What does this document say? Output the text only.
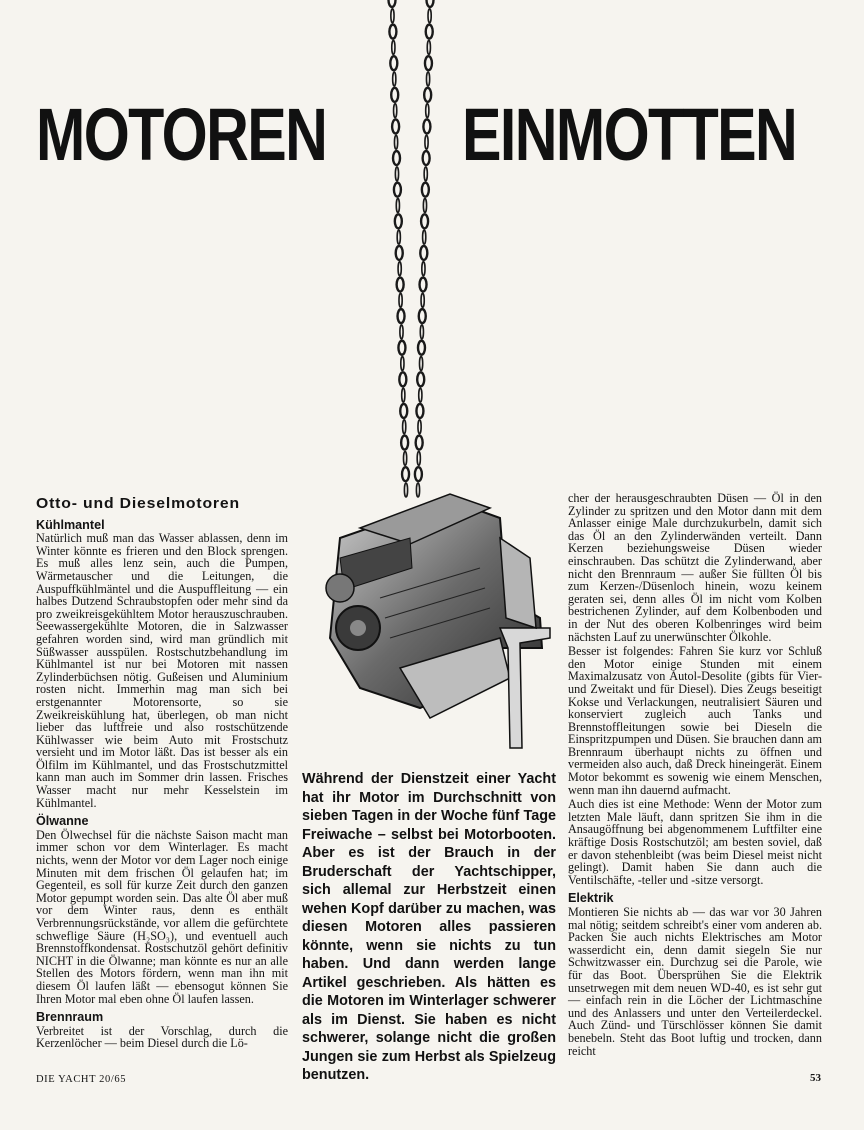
MOTOREN EINMOTTEN
Otto- und Dieselmotoren
Kühlmantel
Natürlich muß man das Wasser ablassen, denn im Winter könnte es frieren und den Block sprengen. Es muß alles lenz sein, auch die Pumpen, Wärmetauscher und die Leitungen, die Auspuffkühlmäntel und die Auspuffleitung — ein halbes Dutzend Schraubstopfen oder mehr sind da pro zweikreisgekühltem Motor herauszuschrauben. Seewassergekühlte Motoren, die in Salzwasser gefahren worden sind, wird man gründlich mit Süßwasser ausspülen. Rostschutzbehandlung im Kühlmantel ist nur bei Motoren mit nassen Zylinderbüchsen nötig. Gußeisen und Aluminium rosten nicht. Immerhin mag man sich bei erstgenannter Motorensorte, so sie Zweikreiskühlung hat, überlegen, ob man nicht lieber das luftfreie und also rostschützende Kühlwasser wie beim Auto mit Frostschutz versieht und im Motor läßt. Das ist besser als ein Ölfilm im Kühlmantel, und das Frostschutzmittel kann man auch im Sommer drin lassen. Frisches Wasser macht nur mehr Kesselstein im Kühlmantel.
Ölwanne
Den Ölwechsel für die nächste Saison macht man immer schon vor dem Winterlager. Es macht nichts, wenn der Motor vor dem Lager noch einige Minuten mit dem frischen Öl gelaufen hat; im Gegenteil, es soll für kurze Zeit durch den ganzen Motor gepumpt worden sein. Das alte Öl aber muß vor dem Winter raus, denn es enthält Verbrennungsrückstände, vor allem die gefürchtete schweflige Säure (H₂SO₃), und eventuell auch Brennstoffkondensat. Rostschutzöl gehört definitiv NICHT in die Ölwanne; man könnte es nur an alle Stellen des Motors fördern, wenn man ihn mit diesem Öl laufen läßt — ebensogut können Sie Ihren Motor mal eben ohne Öl laufen lassen.
Brennraum
Verbreitet ist der Vorschlag, durch die Kerzenlöcher — beim Diesel durch die Lö-
Während der Dienstzeit einer Yacht hat ihr Motor im Durchschnitt von sieben Tagen in der Woche fünf Tage Freiwache – selbst bei Motorbooten. Aber es ist der Brauch in der Bruderschaft der Yachtschipper, sich allemal zur Herbstzeit einen wehen Kopf darüber zu machen, was diesen Motoren alles passieren könnte, wenn sie nichts zu tun haben. Und dann werden lange Artikel geschrieben. Als hätten es die Motoren im Winterlager schwerer als im Dienst. Sie haben es nicht schwerer, solange nicht die großen Jungen sie zum Herbst als Spielzeug benutzen.
cher der herausgeschraubten Düsen — Öl in den Zylinder zu spritzen und den Motor dann mit dem Anlasser einige Male durchzukurbeln, damit sich das Öl an den Zylinderwänden verteilt. Dann Kerzen beziehungsweise Düsen wieder einschrauben. Das schützt die Zylinderwand, aber nicht den Brennraum — außer Sie füllten Öl bis zum Kerzen-/Düsenloch hinein, wozu keinem geraten sei, denn alles Öl im nicht vom Kolben bestrichenen Zylinder, auf dem Kolbenboden und in der Nut des oberen Kolbenringes wird beim nächsten Lauf zu unerwünschter Ölkohle.
Besser ist folgendes: Fahren Sie kurz vor Schluß den Motor einige Stunden mit einem Maximalzusatz von Autol-Desolite (gibts für Vier- und Zweitakt und für Diesel). Dies Zeugs beseitigt Kokse und Verlackungen, neutralisiert Säuren und konserviert zugleich auch Tanks und Brennstoffleitungen sowie bei Dieseln die Einspritzpumpen und Düsen. Sie brauchen dann am Brennraum überhaupt nichts zu öffnen und vermeiden also auch, daß Dreck hineingerät. Einem Motor bekommt es sowenig wie einem Menschen, wenn man ihn dauernd aufmacht.
Auch dies ist eine Methode: Wenn der Motor zum letzten Male läuft, dann spritzen Sie ihm in die Ansaugöffnung bei abgenommenem Luftfilter eine kräftige Dosis Rostschutzöl; am besten soviel, daß er davon stehenbleibt (was beim Diesel meist nicht gelingt). Damit haben Sie dann auch die Ventilschäfte, -teller und -sitze versorgt.
Elektrik
Montieren Sie nichts ab — das war vor 30 Jahren mal nötig; seitdem schreibt's einer vom anderen ab. Packen Sie auch nichts Elektrisches am Motor wasserdicht ein, denn damit siegeln Sie nur Schwitzwasser ein. Durchzug sei die Parole, wie für das Boot. Übersprühen Sie die Elektrik unsetrwegen mit dem neuen WD-40, es ist sehr gut — einfach rein in die Löcher der Lichtmaschine und des Anlassers und unter den Verteilerdeckel. Auch Zünd- und Türschlösser können Sie damit benebeln. Steht das Boot luftig und trocken, dann reicht
DIE YACHT 20/65	53
